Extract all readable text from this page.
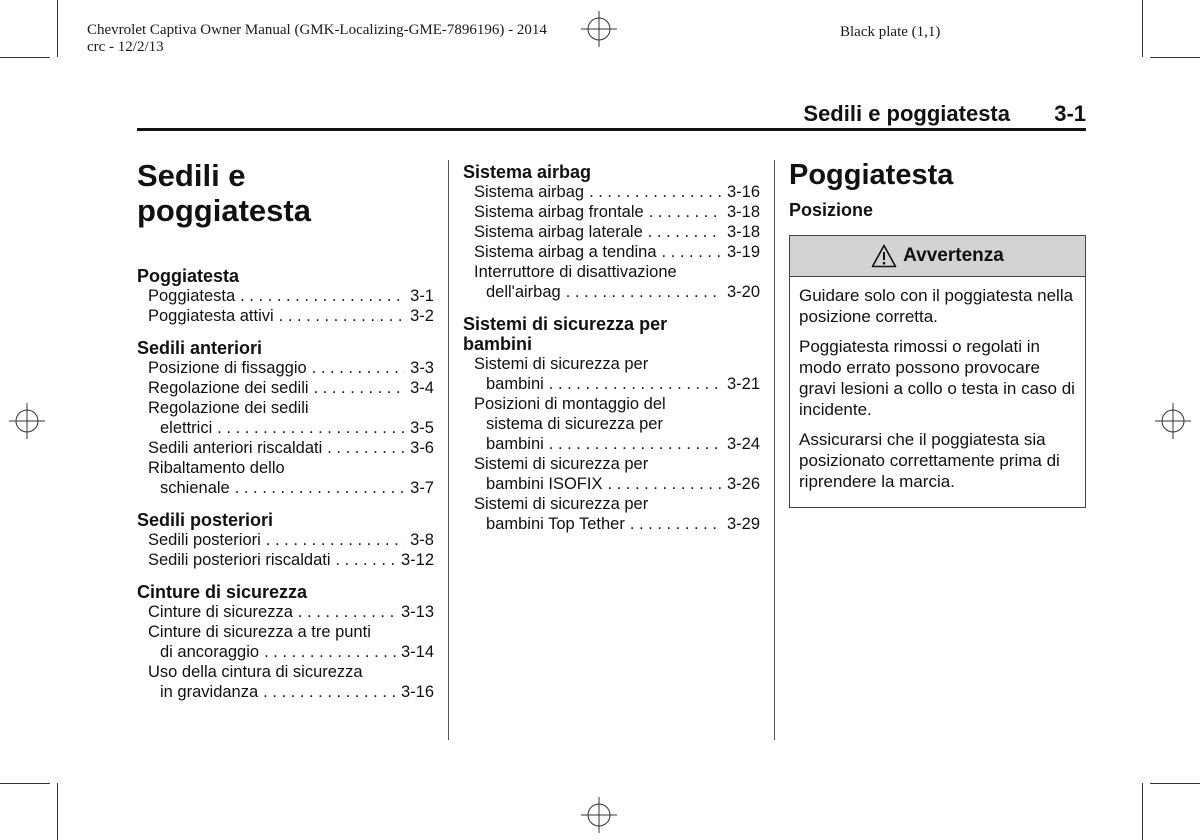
Chevrolet Captiva Owner Manual (GMK-Localizing-GME-7896196) - 2014
crc - 12/2/13
Black plate (1,1)
Sedili e poggiatesta 3-1
Sedili e
poggiatesta
Poggiatesta
Poggiatesta . . .	3-1
Poggiatesta attivi . . .	3-2
Sedili anteriori
Posizione di fissaggio . . .	3-3
Regolazione dei sedili . . .	3-4
Regolazione dei sedili
elettrici . . .	3-5
Sedili anteriori riscaldati . . .	3-6
Ribaltamento dello
schienale . . .	3-7
Sedili posteriori
Sedili posteriori . . .	3-8
Sedili posteriori riscaldati . . .	3-12
Cinture di sicurezza
Cinture di sicurezza . . .	3-13
Cinture di sicurezza a tre punti
di ancoraggio . . .	3-14
Uso della cintura di sicurezza
in gravidanza . . .	3-16
Sistema airbag
Sistema airbag . . .	3-16
Sistema airbag frontale . . .	3-18
Sistema airbag laterale . . .	3-18
Sistema airbag a tendina . . .	3-19
Interruttore di disattivazione
dell'airbag . . .	3-20
Sistemi di sicurezza per
bambini
Sistemi di sicurezza per
bambini . . .	3-21
Posizioni di montaggio del
sistema di sicurezza per
bambini . . .	3-24
Sistemi di sicurezza per
bambini ISOFIX . . .	3-26
Sistemi di sicurezza per
bambini Top Tether . . .	3-29
Poggiatesta
Posizione
Avvertenza

Guidare solo con il poggiatesta nella posizione corretta.

Poggiatesta rimossi o regolati in modo errato possono provocare gravi lesioni a collo o testa in caso di incidente.

Assicurarsi che il poggiatesta sia posizionato correttamente prima di riprendere la marcia.
